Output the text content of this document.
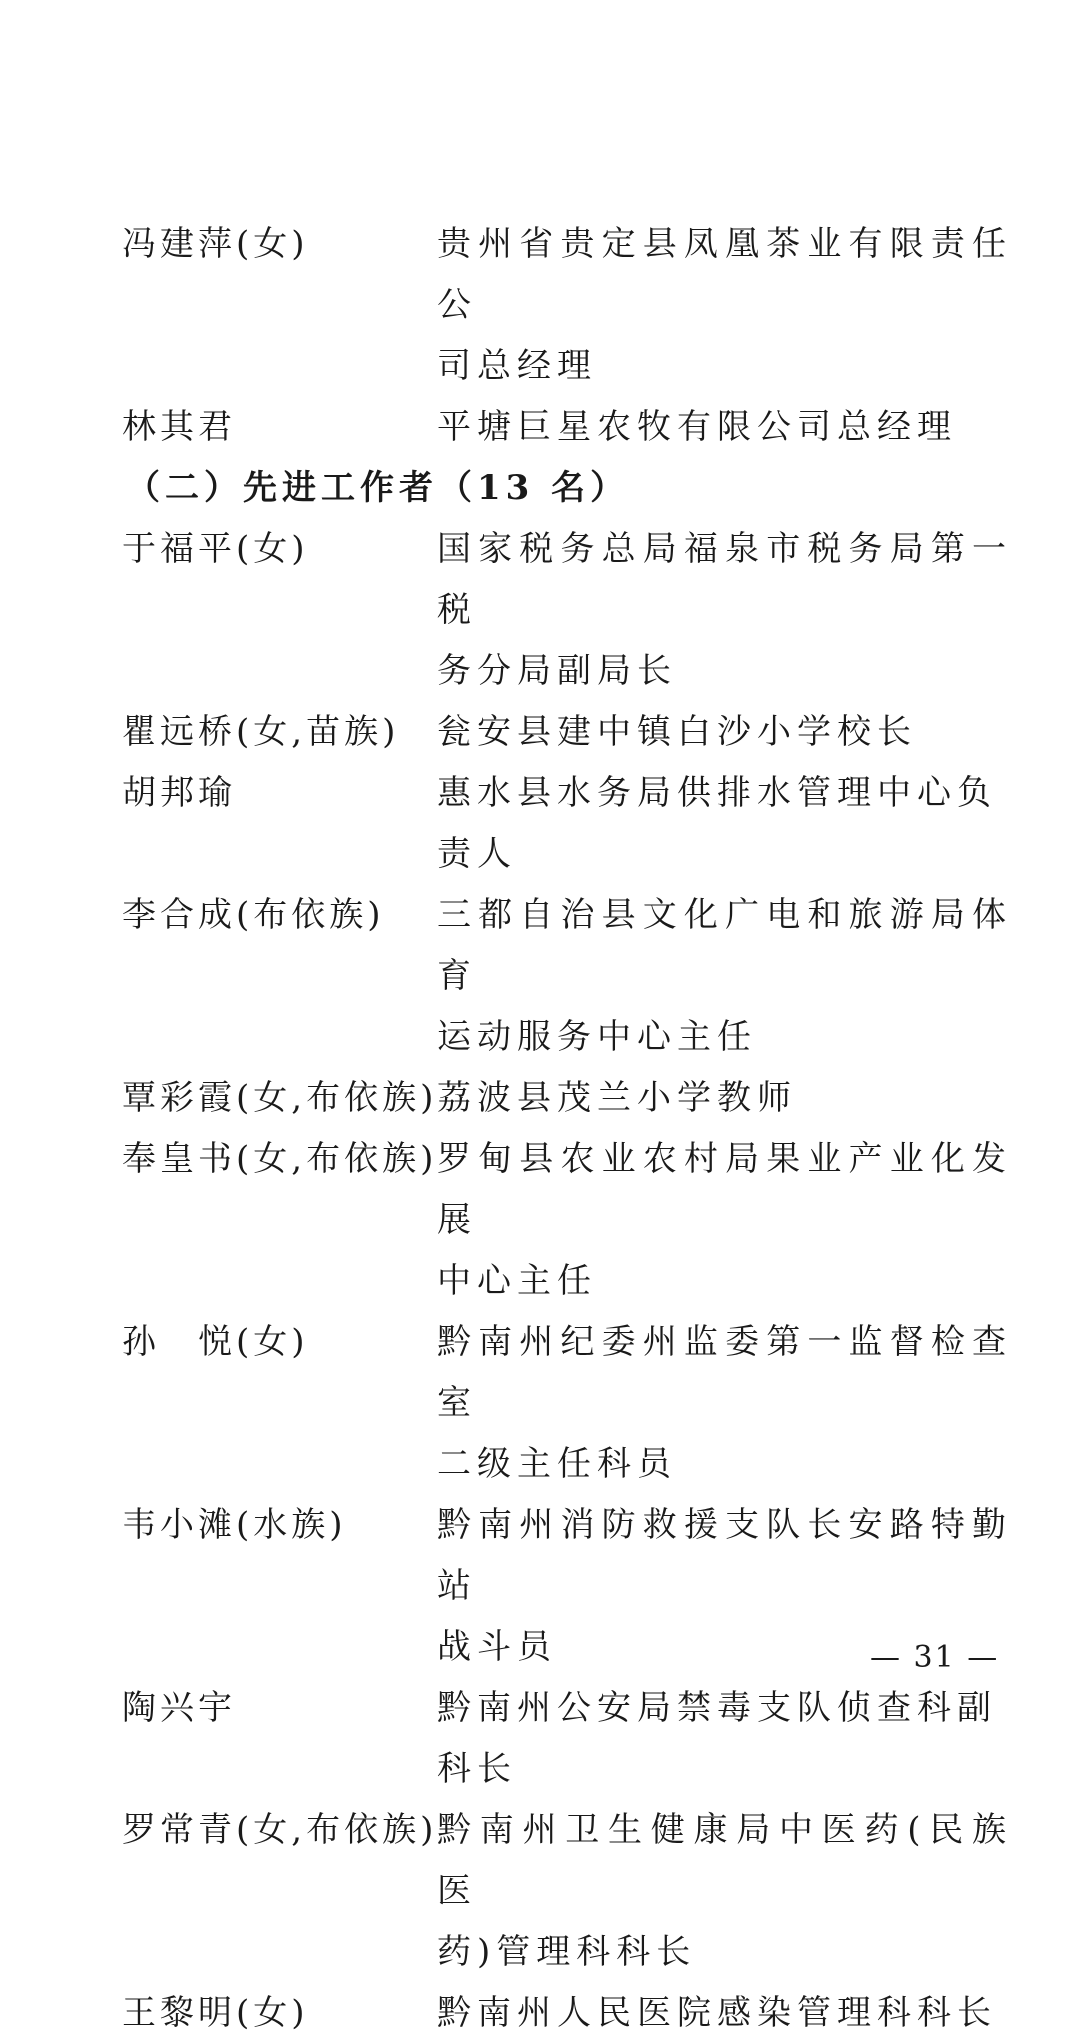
冯建萍(女)	贵州省贵定县凤凰茶业有限责任公
司总经理
林其君	平塘巨星农牧有限公司总经理
（二）先进工作者（13 名）
于福平(女)	国家税务总局福泉市税务局第一税
务分局副局长
瞿远桥(女,苗族)	瓮安县建中镇白沙小学校长
胡邦瑜	惠水县水务局供排水管理中心负
责人
李合成(布依族)	三都自治县文化广电和旅游局体育
运动服务中心主任
覃彩霞(女,布依族) 荔波县茂兰小学教师
奉皇书(女,布依族) 罗甸县农业农村局果业产业化发展
中心主任
孙　悦(女)	黔南州纪委州监委第一监督检查室
二级主任科员
韦小滩(水族)	黔南州消防救援支队长安路特勤站
战斗员
陶兴宇	黔南州公安局禁毒支队侦查科副
科长
罗常青(女,布依族) 黔南州卫生健康局中医药(民族医
药)管理科科长
王黎明(女)	黔南州人民医院感染管理科科长
— 31 —
